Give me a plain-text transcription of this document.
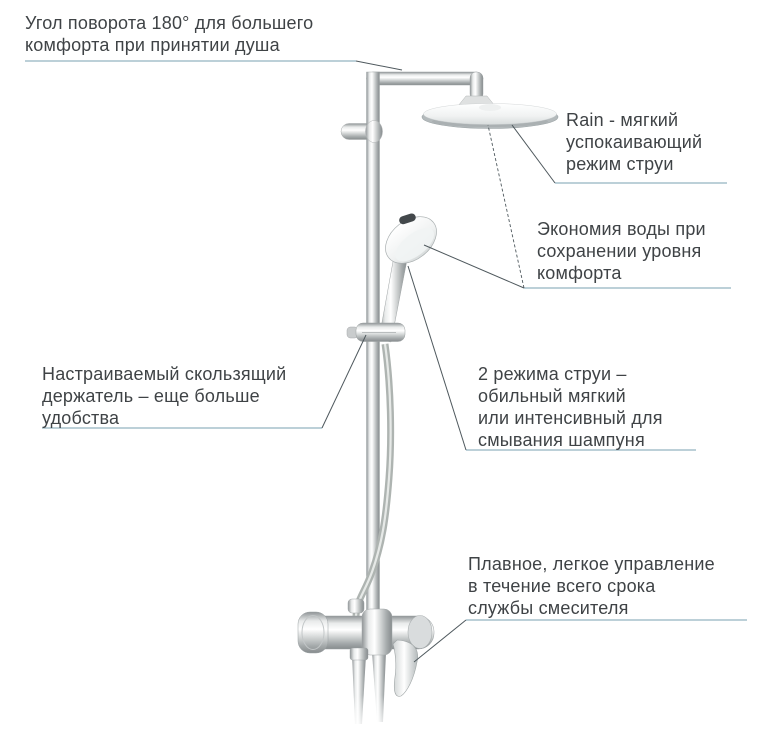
Угол поворота 180° для большего
комфорта при принятии душа
Rain - мягкий
успокаивающий
режим струи
Экономия воды при
сохранении уровня
комфорта
Настраиваемый скользящий
держатель – еще больше
удобства
2 режима струи –
обильный мягкий
или интенсивный для
смывания шампуня
Плавное, легкое управление
в течение всего срока
службы смесителя
